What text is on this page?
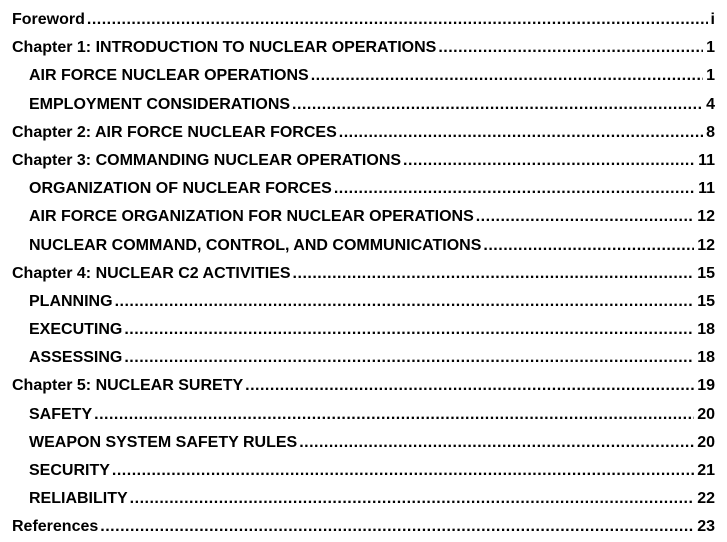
Foreword .....	i
Chapter 1: INTRODUCTION TO NUCLEAR OPERATIONS .....	1
AIR FORCE NUCLEAR OPERATIONS .....	1
EMPLOYMENT CONSIDERATIONS .....	4
Chapter 2: AIR FORCE NUCLEAR FORCES .....	8
Chapter 3: COMMANDING NUCLEAR OPERATIONS .....	11
ORGANIZATION OF NUCLEAR FORCES .....	11
AIR FORCE ORGANIZATION FOR NUCLEAR OPERATIONS .....	12
NUCLEAR COMMAND, CONTROL, AND COMMUNICATIONS .....	12
Chapter 4: NUCLEAR C2 ACTIVITIES .....	15
PLANNING .....	15
EXECUTING .....	18
ASSESSING .....	18
Chapter 5: NUCLEAR SURETY .....	19
SAFETY .....	20
WEAPON SYSTEM SAFETY RULES .....	20
SECURITY .....	21
RELIABILITY .....	22
References .....	23
